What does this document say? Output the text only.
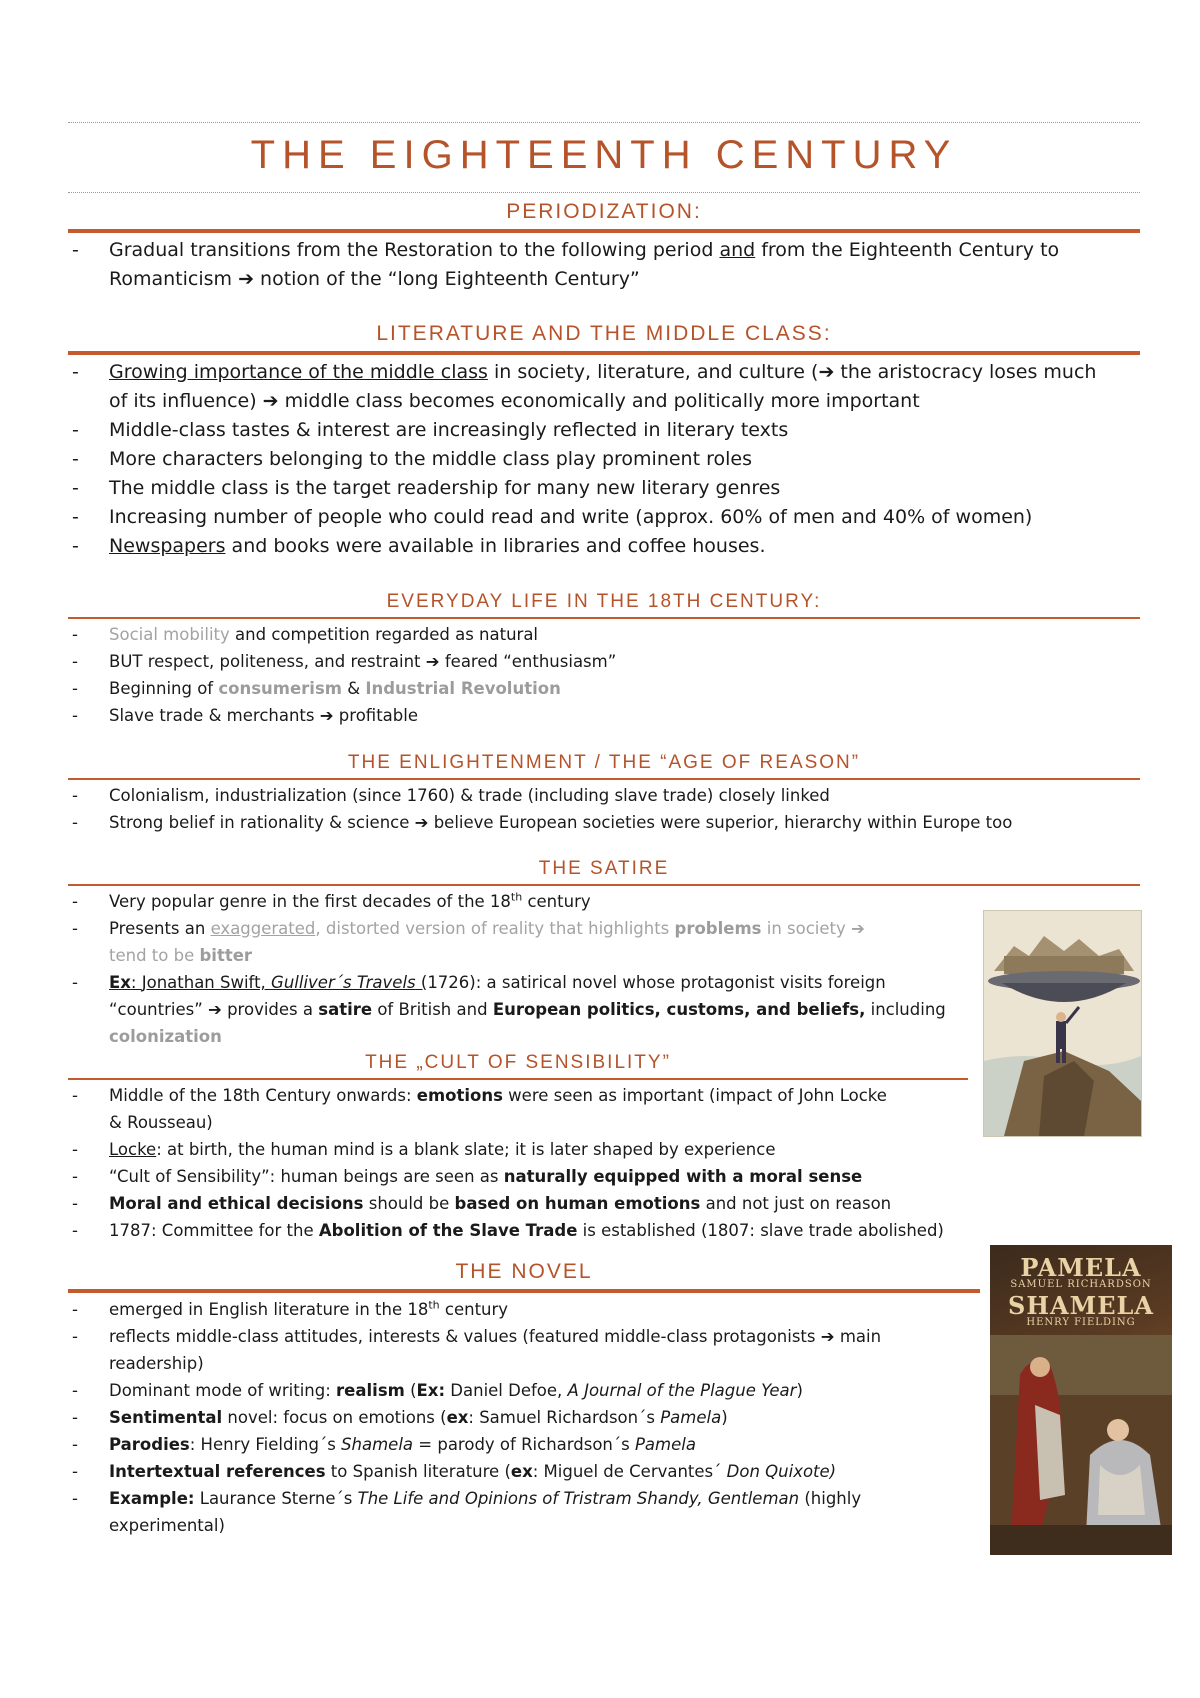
THE EIGHTEENTH CENTURY
PERIODIZATION:
- Gradual transitions from the Restoration to the following period and from the Eighteenth Century to
Romanticism ➔ notion of the “long Eighteenth Century”
LITERATURE AND THE MIDDLE CLASS:
- Growing importance of the middle class in society, literature, and culture (➔ the aristocracy loses much
of its influence) ➔ middle class becomes economically and politically more important
- Middle-class tastes & interest are increasingly reflected in literary texts
- More characters belonging to the middle class play prominent roles
- The middle class is the target readership for many new literary genres
- Increasing number of people who could read and write (approx. 60% of men and 40% of women)
- Newspapers and books were available in libraries and coffee houses.
EVERYDAY LIFE IN THE 18TH CENTURY:
- Social mobility and competition regarded as natural
- BUT respect, politeness, and restraint ➔ feared “enthusiasm”
- Beginning of consumerism & Industrial Revolution
- Slave trade & merchants ➔ profitable
THE ENLIGHTENMENT / THE “AGE OF REASON”
- Colonialism, industrialization (since 1760) & trade (including slave trade) closely linked
- Strong belief in rationality & science ➔ believe European societies were superior, hierarchy within Europe too
THE SATIRE
- Very popular genre in the first decades of the 18th century
- Presents an exaggerated, distorted version of reality that highlights problems in society ➔
tend to be bitter
- Ex: Jonathan Swift, Gulliver´s Travels (1726): a satirical novel whose protagonist visits foreign
“countries” ➔ provides a satire of British and European politics, customs, and beliefs, including
colonization
THE „CULT OF SENSIBILITY”
- Middle of the 18th Century onwards: emotions were seen as important (impact of John Locke
& Rousseau)
- Locke: at birth, the human mind is a blank slate; it is later shaped by experience
- “Cult of Sensibility”: human beings are seen as naturally equipped with a moral sense
- Moral and ethical decisions should be based on human emotions and not just on reason
- 1787: Committee for the Abolition of the Slave Trade is established (1807: slave trade abolished)
PAMELA
SAMUEL RICHARDSON
SHAMELA
HENRY FIELDING
THE NOVEL
- emerged in English literature in the 18th century
- reflects middle-class attitudes, interests & values (featured middle-class protagonists ➔ main
readership)
- Dominant mode of writing: realism (Ex: Daniel Defoe, A Journal of the Plague Year)
- Sentimental novel: focus on emotions (ex: Samuel Richardson´s Pamela)
- Parodies: Henry Fielding´s Shamela = parody of Richardson´s Pamela
- Intertextual references to Spanish literature (ex: Miguel de Cervantes´ Don Quixote)
- Example: Laurance Sterne´s The Life and Opinions of Tristram Shandy, Gentleman (highly
experimental)
